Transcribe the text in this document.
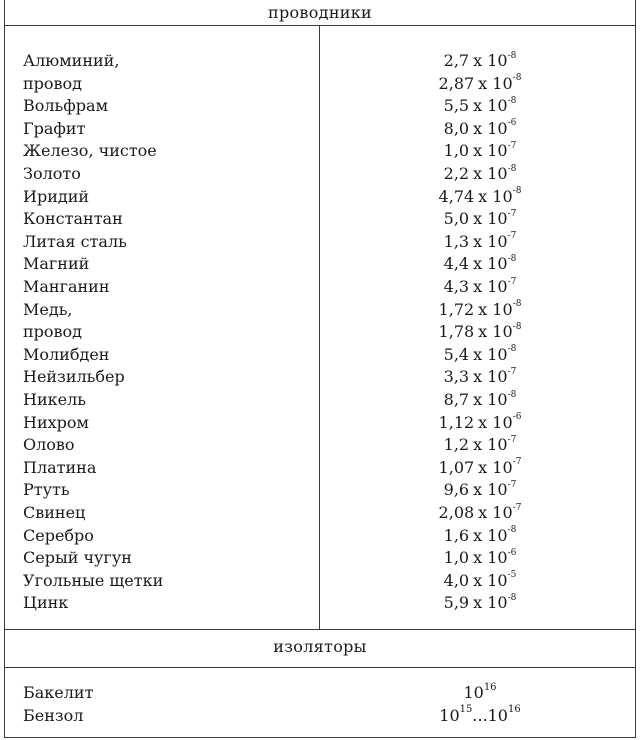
проводники
Алюминий,	2,7 x $10^{-8}$
провод	2,87 x $10^{-8}$
Вольфрам	5,5 x $10^{-8}$
Графит	8,0 x $10^{-6}$
Железо, чистое	1,0 x $10^{-7}$
Золото	2,2 x $10^{-8}$
Иридий	4,74 x $10^{-8}$
Константан	5,0 x $10^{-7}$
Литая сталь	1,3 x $10^{-7}$
Магний	4,4 x $10^{-8}$
Манганин	4,3 x $10^{-7}$
Медь,	1,72 x $10^{-8}$
провод	1,78 x $10^{-8}$
Молибден	5,4 x $10^{-8}$
Нейзильбер	3,3 x $10^{-7}$
Никель	8,7 x $10^{-8}$
Нихром	1,12 x $10^{-6}$
Олово	1,2 x $10^{-7}$
Платина	1,07 x $10^{-7}$
Ртуть	9,6 x $10^{-7}$
Свинец	2,08 x $10^{-7}$
Серебро	1,6 x $10^{-8}$
Серый чугун	1,0 x $10^{-6}$
Угольные щетки	4,0 x $10^{-5}$
Цинк	5,9 x $10^{-8}$
изоляторы
Бакелит	$10^{16}$
Бензол	$10^{15}...10^{16}$
